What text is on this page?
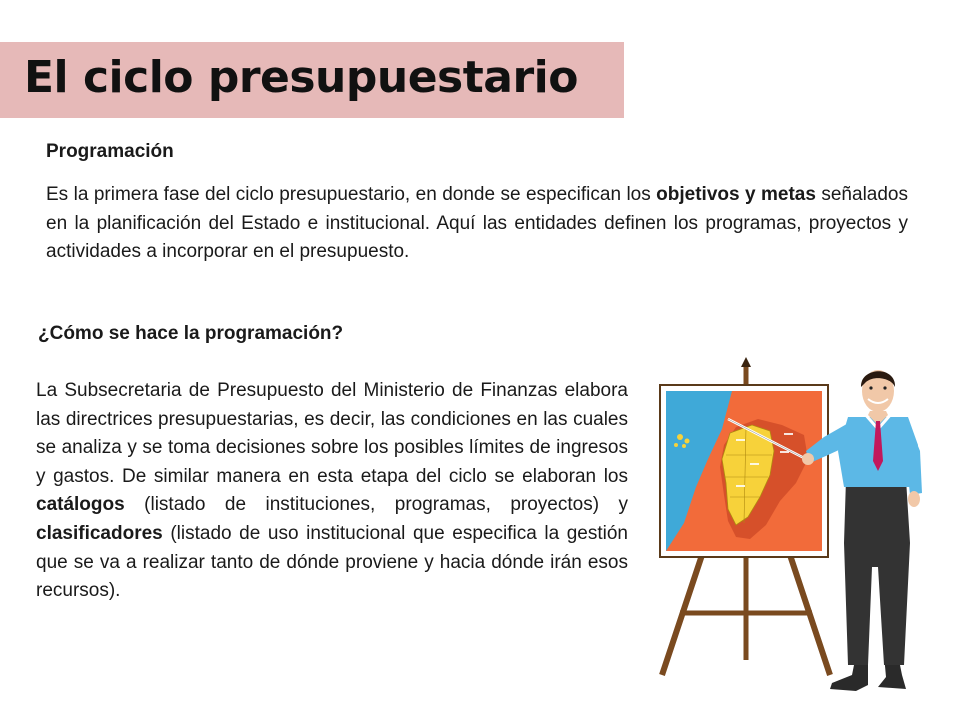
El ciclo presupuestario
Programación

Es la primera fase del ciclo presupuestario, en donde se especifican los objetivos y metas señalados en la planificación del Estado e institucional. Aquí las entidades definen los programas, proyectos y actividades a incorporar en el presupuesto.

¿Cómo se hace la programación?

La Subsecretaria de Presupuesto del Ministerio de Finanzas elabora las directrices presupuestarias, es decir, las condiciones en las cuales se analiza y se toma decisiones sobre los posibles límites de ingresos y gastos. De similar manera en esta etapa del ciclo se elaboran los catálogos (listado de instituciones, programas, proyectos) y clasificadores (listado de uso institucional que especifica la gestión que se va a realizar tanto de dónde proviene y hacia dónde irán esos recursos).
